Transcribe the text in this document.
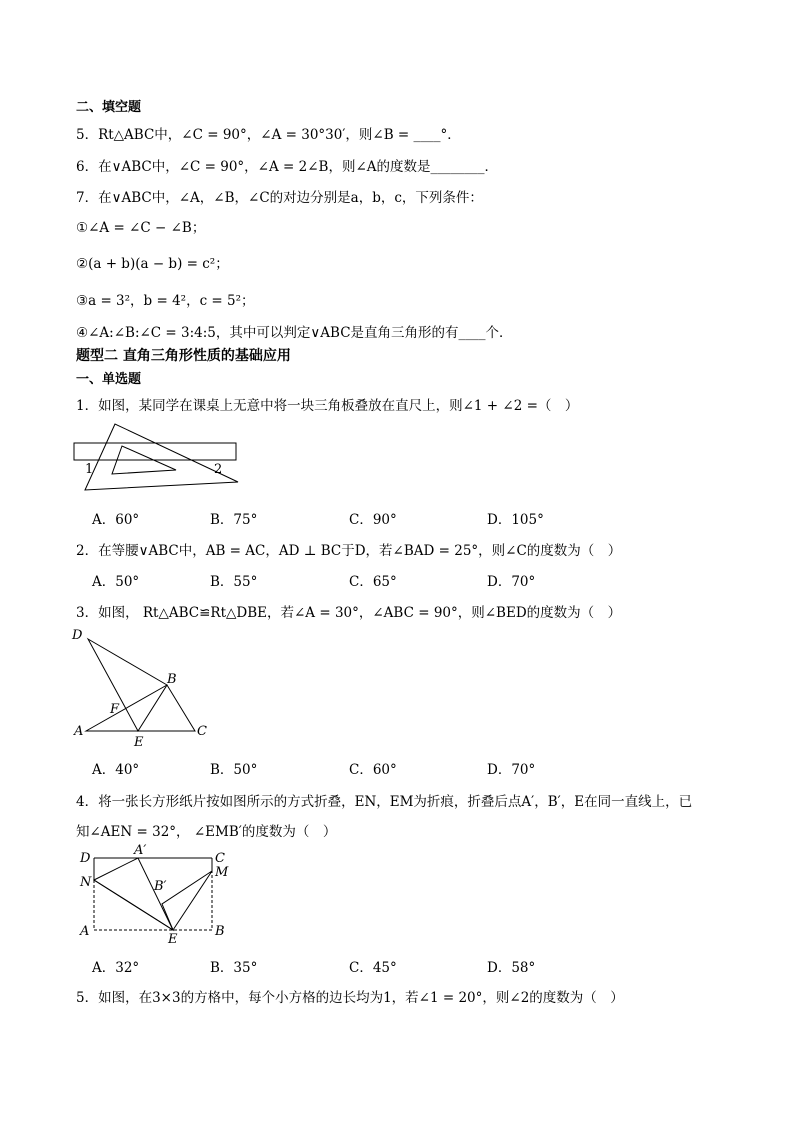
二、填空题
5．Rt△ABC中，∠C = 90°，∠A = 30°30′，则∠B = ____°．
6．在∨ABC中，∠C = 90°，∠A = 2∠B，则∠A的度数是________．
7．在∨ABC中，∠A，∠B，∠C的对边分别是a，b，c，下列条件：
①∠A = ∠C − ∠B；
②(a + b)(a − b) = c²；
③a = 3²，b = 4²，c = 5²；
④∠A:∠B:∠C = 3:4:5，其中可以判定∨ABC是直角三角形的有____个．
题型二 直角三角形性质的基础应用
一、单选题
1．如图，某同学在课桌上无意中将一块三角板叠放在直尺上，则∠1 + ∠2 =（　）
1	2
A．60°	B．75°	C．90°	D．105°
2．在等腰∨ABC中，AB = AC，AD ⊥ BC于D，若∠BAD = 25°，则∠C的度数为（　）
A．50°	B．55°	C．65°	D．70°
3．如图， Rt△ABC≌Rt△DBE，若∠A = 30°，∠ABC = 90°，则∠BED的度数为（　）
D
B
F
A
E
C
A．40°	B．50°	C．60°	D．70°
4．将一张长方形纸片按如图所示的方式折叠，EN，EM为折痕，折叠后点A′，B′，E在同一直线上，已
知∠AEN = 32°， ∠EMB′的度数为（　）
D
A′
C
N
M
B′
A
E
B
A．32°	B．35°	C．45°	D．58°
5．如图，在3×3的方格中，每个小方格的边长均为1，若∠1 = 20°，则∠2的度数为（　）
